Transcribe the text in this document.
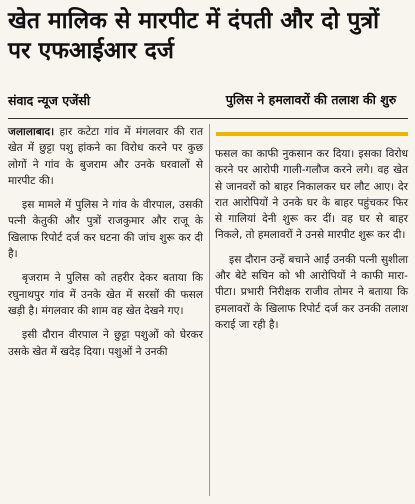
खेत मालिक से मारपीट में दंपती और दो पुत्रों पर एफआईआर दर्ज
संवाद न्यूज एजेंसी	पुलिस ने हमलावरों की तलाश की शुरु

जलालाबाद। हार कटेटा गांव में मंगलवार की रात खेत में छुट्टा पशु हांकने का विरोध करने पर कुछ लोगों ने गांव के बुजराम और उनके घरवालों से मारपीट की।

इस मामले में पुलिस ने गांव के वीरपाल, उसकी पत्नी केतुकी और पुत्रों राजकुमार और राजू के खिलाफ रिपोर्ट दर्ज कर घटना की जांच शुरू कर दी है।

बृजराम ने पुलिस को तहरीर देकर बताया कि रघुनाथपुर गांव में उनके खेत में सरसों की फसल खड़ी है। मंगलवार की शाम वह खेत देखने गए।

इसी दौरान वीरपाल ने छुट्टा पशुओं को घेरकर उसके खेत में खदेड़ दिया। पशुओं ने उनकी

फसल का काफी नुकसान कर दिया। इसका विरोध करने पर आरोपी गाली-गलौज करने लगे। वह खेत से जानवरों को बाहर निकालकर घर लौट आए। देर रात आरोपियों ने उनके घर के बाहर पहुंचकर फिर से गालियां देनी शुरू कर दीं। वह घर से बाहर निकले, तो हमलावरों ने उनसे मारपीट शुरू कर दी।

इस दौरान उन्हें बचाने आईं उनकी पत्नी सुशीला और बेटे सचिन को भी आरोपियों ने काफी मारा-पीटा। प्रभारी निरीक्षक राजीव तोमर ने बताया कि हमलावरों के खिलाफ रिपोर्ट दर्ज कर उनकी तलाश कराई जा रही है।
